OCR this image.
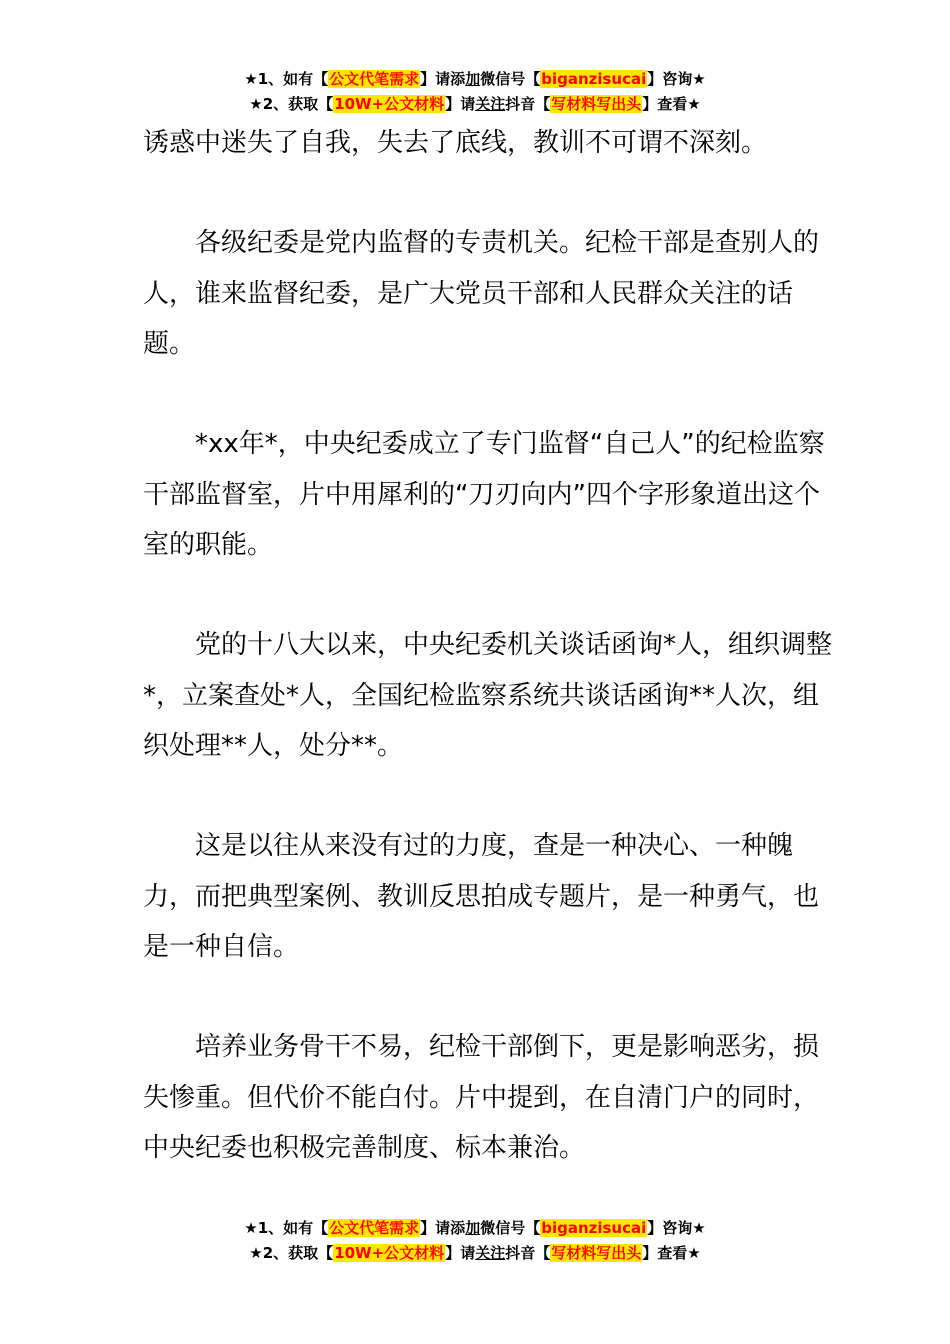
★1、如有【公文代笔需求】请添加微信号【biganzisucai】咨询★
★2、获取【10W+公文材料】请关注抖音【写材料写出头】查看★

诱惑中迷失了自我，失去了底线，教训不可谓不深刻。

各级纪委是党内监督的专责机关。纪检干部是查别人的人，谁来监督纪委，是广大党员干部和人民群众关注的话题。

*xx年*，中央纪委成立了专门监督“自己人”的纪检监察干部监督室，片中用犀利的“刀刃向内”四个字形象道出这个室的职能。

党的十八大以来，中央纪委机关谈话函询*人，组织调整*，立案查处*人，全国纪检监察系统共谈话函询**人次，组织处理**人，处分**。

这是以往从来没有过的力度，查是一种决心、一种魄力，而把典型案例、教训反思拍成专题片，是一种勇气，也是一种自信。

培养业务骨干不易，纪检干部倒下，更是影响恶劣，损失惨重。但代价不能白付。片中提到，在自清门户的同时，中央纪委也积极完善制度、标本兼治。

★1、如有【公文代笔需求】请添加微信号【biganzisucai】咨询★
★2、获取【10W+公文材料】请关注抖音【写材料写出头】查看★
